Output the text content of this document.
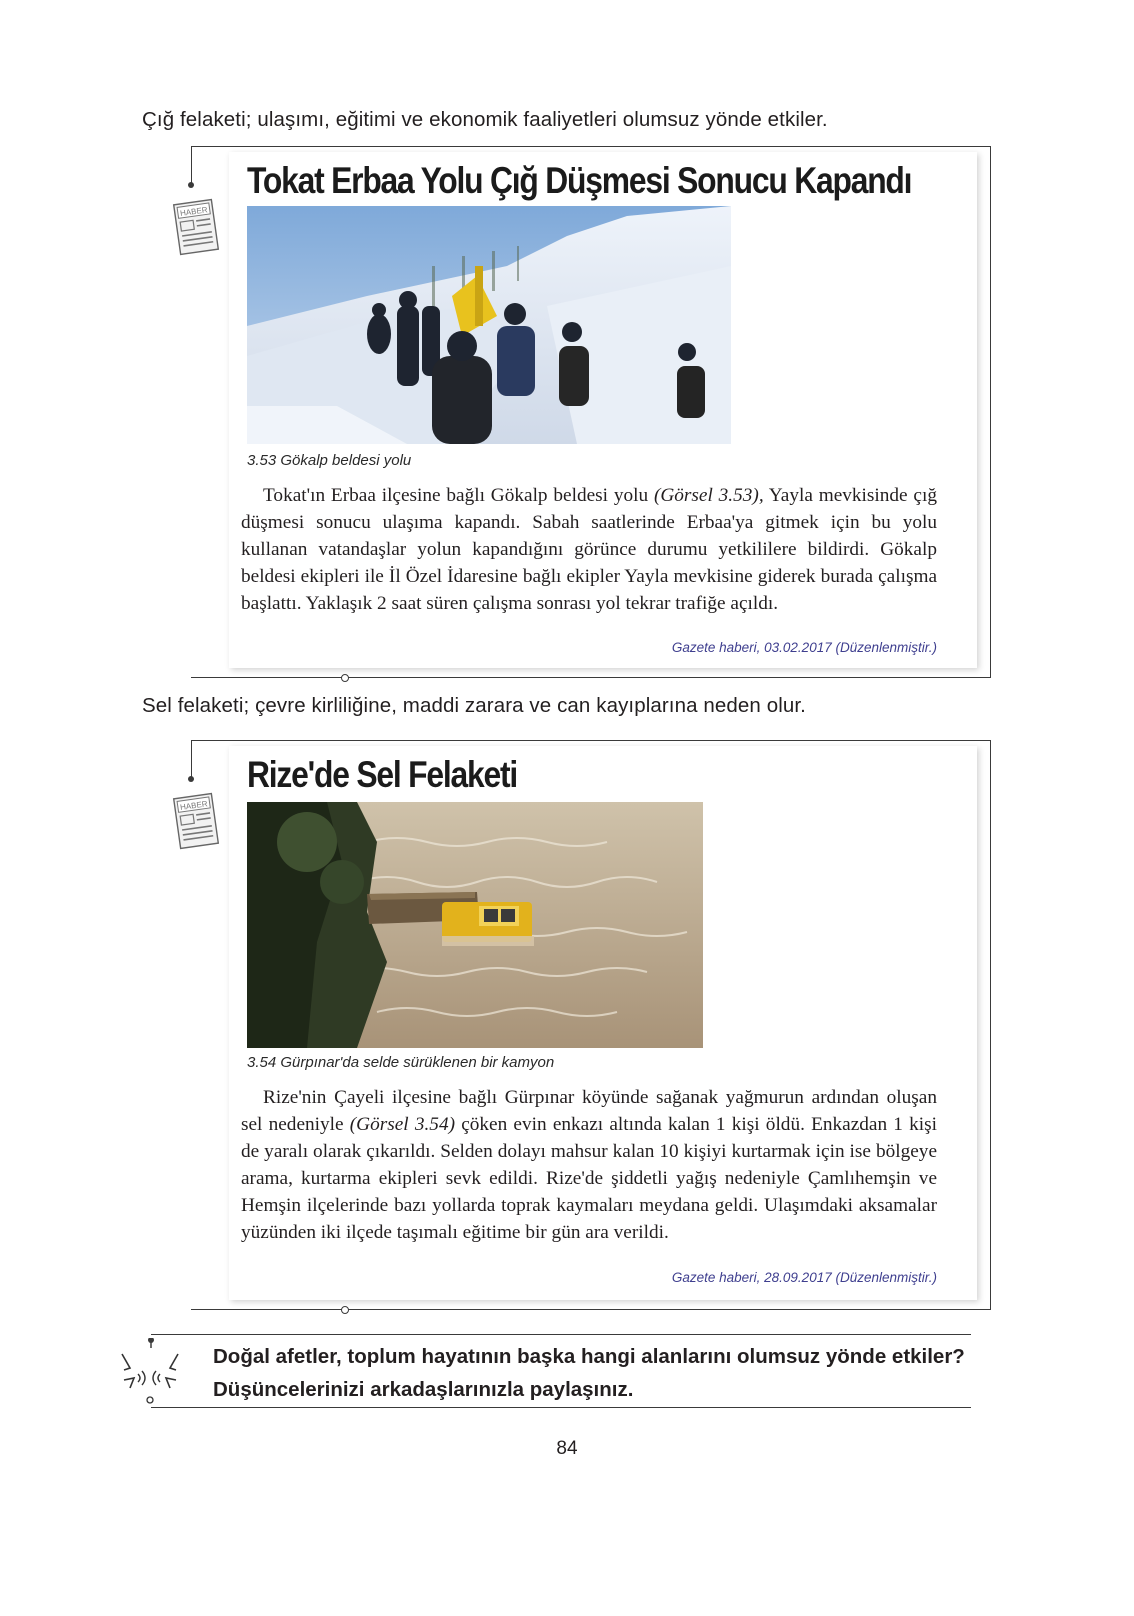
Çığ felaketi; ulaşımı, eğitimi ve ekonomik faaliyetleri olumsuz yönde etkiler.
HABER
Tokat Erbaa Yolu Çığ Düşmesi Sonucu Kapandı
3.53 Gökalp beldesi yolu

Tokat'ın Erbaa ilçesine bağlı Gökalp beldesi yolu (Görsel 3.53), Yayla mevkisinde çığ düşmesi sonucu ulaşıma kapandı. Sabah saatlerinde Erbaa'ya gitmek için bu yolu kullanan vatandaşlar yolun kapandığını görünce durumu yetkililere bildirdi. Gökalp beldesi ekipleri ile İl Özel İdaresine bağlı ekipler Yayla mevkisine giderek burada çalışma başlattı. Yaklaşık 2 saat süren çalışma sonrası yol tekrar trafiğe açıldı.

Gazete haberi, 03.02.2017 (Düzenlenmiştir.)
Sel felaketi; çevre kirliliğine, maddi zarara ve can kayıplarına neden olur.
HABER
Rize'de Sel Felaketi
3.54 Gürpınar'da selde sürüklenen bir kamyon

Rize'nin Çayeli ilçesine bağlı Gürpınar köyünde sağanak yağmurun ardından oluşan sel nedeniyle (Görsel 3.54) çöken evin enkazı altında kalan 1 kişi öldü. Enkazdan 1 kişi de yaralı olarak çıkarıldı. Selden dolayı mahsur kalan 10 kişiyi kurtarmak için ise bölgeye arama, kurtarma ekipleri sevk edildi. Rize'de şiddetli yağış nedeniyle Çamlıhemşin ve Hemşin ilçelerinde bazı yollarda toprak kaymaları meydana geldi. Ulaşımdaki aksamalar yüzünden iki ilçede taşımalı eğitime bir gün ara verildi.

Gazete haberi, 28.09.2017 (Düzenlenmiştir.)
Doğal afetler, toplum hayatının başka hangi alanlarını olumsuz yönde etkiler?
Düşüncelerinizi arkadaşlarınızla paylaşınız.
84
